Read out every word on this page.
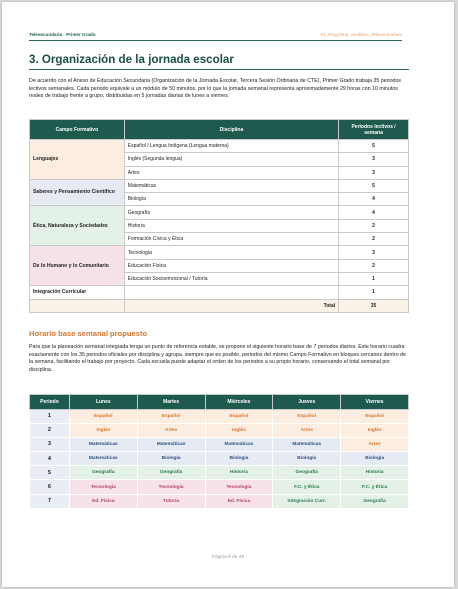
Telesecundaria · Primer Grado	01_Programa_Analítico_Telesecundaria
3. Organización de la jornada escolar
De acuerdo con el Anexo de Educación Secundaria (Organización de la Jornada Escolar, Tercera Sesión Ordinaria de CTE), Primer Grado trabaja 35 periodos lectivos semanales. Cada periodo equivale a un módulo de 50 minutos, por lo que la jornada semanal representa aproximadamente 29 horas con 10 minutos reales de trabajo frente a grupo, distribuidas en 5 jornadas diarias de lunes a viernes.
Campo Formativo	Disciplina	Periodos lectivos / semana
Lenguajes	Español / Lengua Indígena (Lengua materna)	5
	Inglés (Segunda lengua)	3
	Artes	3
Saberes y Pensamiento Científico	Matemáticas	5
	Biología	4
Ética, Naturaleza y Sociedades	Geografía	4
	Historia	2
	Formación Cívica y Ética	2
De lo Humano y lo Comunitario	Tecnología	3
	Educación Física	2
	Educación Socioemocional / Tutoría	1
Integración Curricular		1
	Total	35
Horario base semanal propuesto
Para que la planeación semanal integrada tenga un punto de referencia estable, se propone el siguiente horario base de 7 periodos diarios. Este horario cuadra exactamente con los 35 periodos oficiales por disciplina y agrupa, siempre que es posible, periodos del mismo Campo Formativo en bloques cercanos dentro de la semana, facilitando el trabajo por proyecto. Cada escuela puede adaptar el orden de los periodos a su propio horario, conservando el total semanal por disciplina.
Periodo	Lunes	Martes	Miércoles	Jueves	Viernes
1	Español	Español	Español	Español	Español
2	Inglés	Artes	Inglés	Artes	Inglés
3	Matemáticas	Matemáticas	Matemáticas	Matemáticas	Artes
4	Matemáticas	Biología	Biología	Biología	Biología
5	Geografía	Geografía	Historia	Geografía	Historia
6	Tecnología	Tecnología	Tecnología	F.C. y Ética	F.C. y Ética
7	Ed. Física	Tutoría	Ed. Física	Integración Curr.	Geografía
Página 5 de 25
